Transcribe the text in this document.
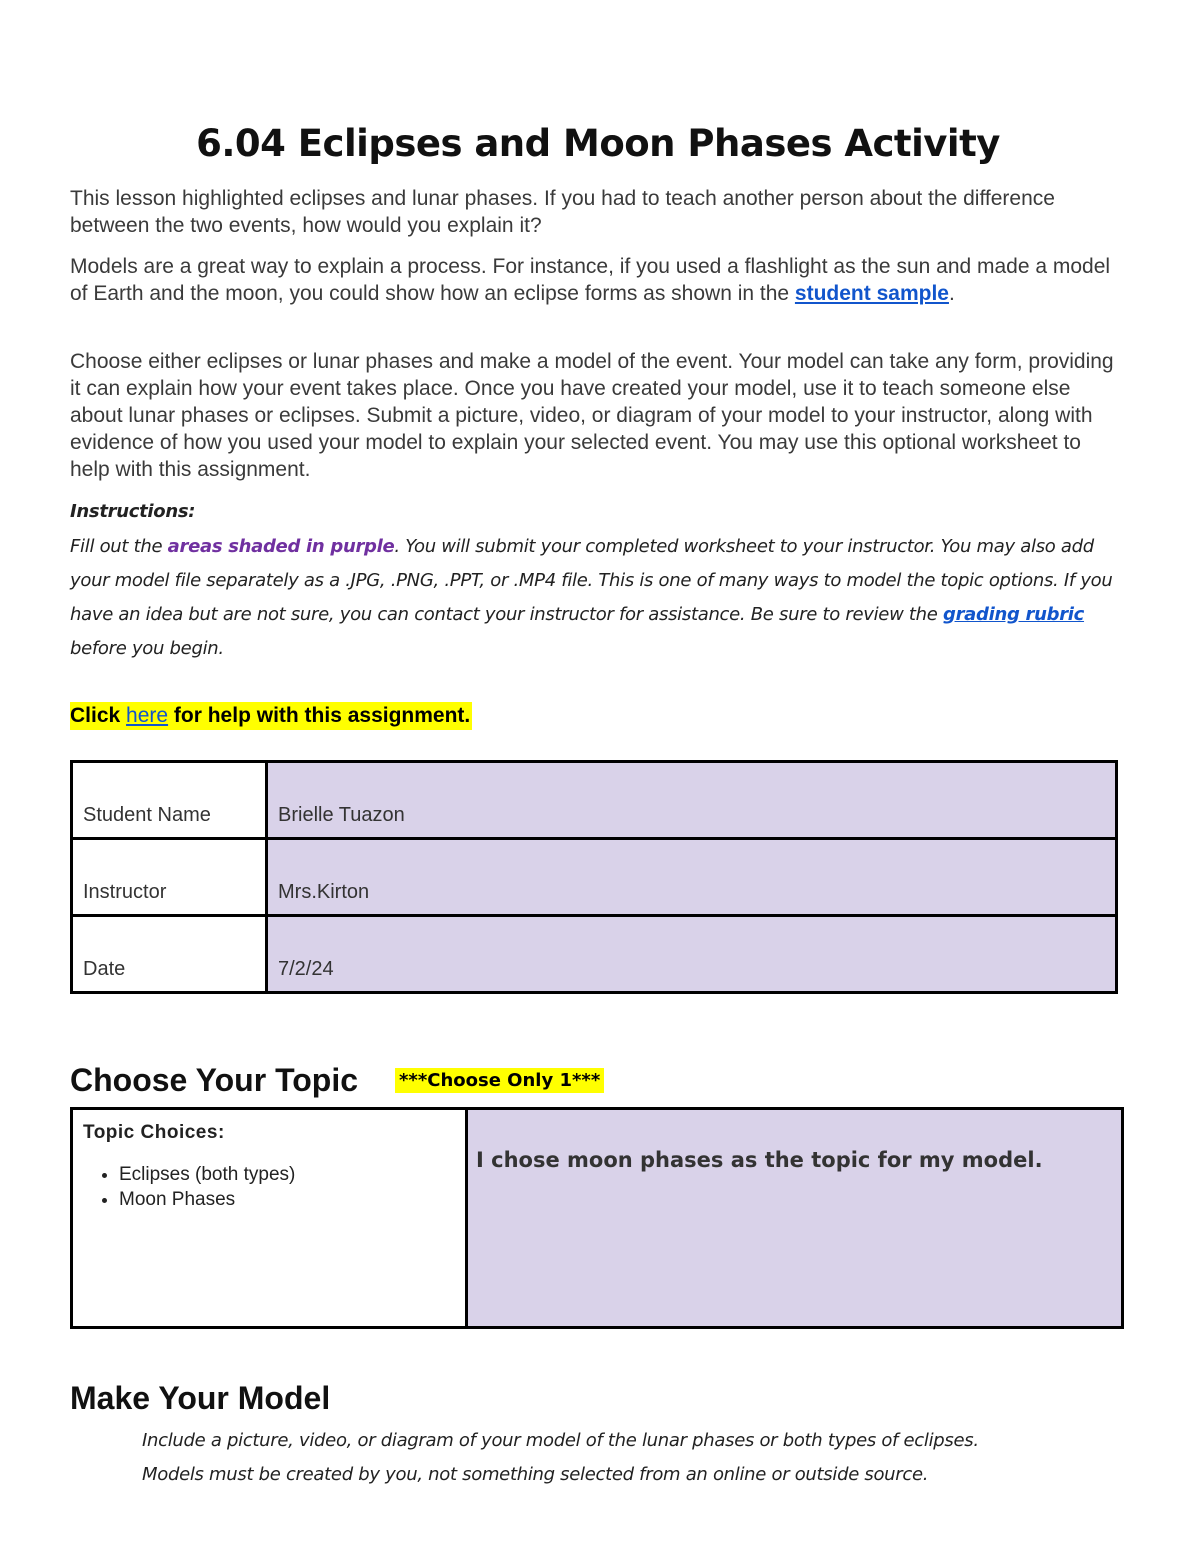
6.04 Eclipses and Moon Phases Activity

This lesson highlighted eclipses and lunar phases. If you had to teach another person about the difference between the two events, how would you explain it?

Models are a great way to explain a process. For instance, if you used a flashlight as the sun and made a model of Earth and the moon, you could show how an eclipse forms as shown in the student sample.

Choose either eclipses or lunar phases and make a model of the event. Your model can take any form, providing it can explain how your event takes place. Once you have created your model, use it to teach someone else about lunar phases or eclipses. Submit a picture, video, or diagram of your model to your instructor, along with evidence of how you used your model to explain your selected event. You may use this optional worksheet to help with this assignment.

Instructions:

Fill out the areas shaded in purple. You will submit your completed worksheet to your instructor. You may also add your model file separately as a .JPG, .PNG, .PPT, or .MP4 file. This is one of many ways to model the topic options. If you have an idea but are not sure, you can contact your instructor for assistance. Be sure to review the grading rubric before you begin.

Click here for help with this assignment.

Student Name	Brielle Tuazon
Instructor	Mrs.Kirton
Date	7/2/24
Choose Your Topic ***Choose Only 1***
Topic Choices:
• Eclipses (both types)
• Moon Phases
	I chose moon phases as the topic for my model.
Make Your Model

Include a picture, video, or diagram of your model of the lunar phases or both types of eclipses.

Models must be created by you, not something selected from an online or outside source.
